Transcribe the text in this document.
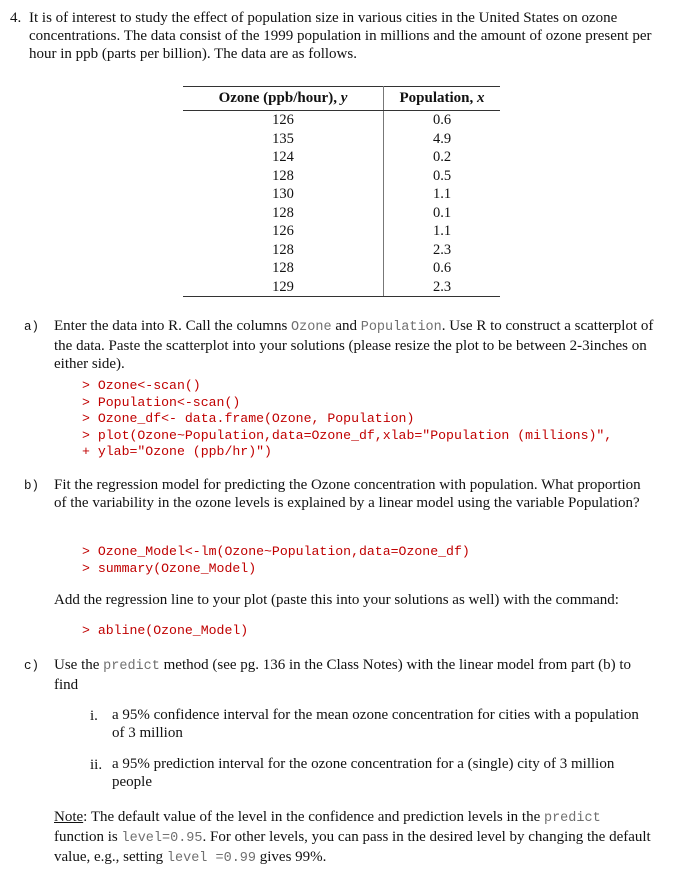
4. It is of interest to study the effect of population size in various cities in the United States on ozone concentrations. The data consist of the 1999 population in millions and the amount of ozone present per hour in ppb (parts per billion). The data are as follows.
Ozone (ppb/hour), y	Population, x
126	0.6
135	4.9
124	0.2
128	0.5
130	1.1
128	0.1
126	1.1
128	2.3
128	0.6
129	2.3
a) Enter the data into R. Call the columns Ozone and Population. Use R to construct a scatterplot of the data. Paste the scatterplot into your solutions (please resize the plot to be between 2-3inches on either side).
> Ozone<-scan()
> Population<-scan()
> Ozone_df<- data.frame(Ozone, Population)
> plot(Ozone~Population,data=Ozone_df,xlab="Population (millions)",
+ ylab="Ozone (ppb/hr)")
b) Fit the regression model for predicting the Ozone concentration with population. What proportion of the variability in the ozone levels is explained by a linear model using the variable Population?
> Ozone_Model<-lm(Ozone~Population,data=Ozone_df)
> summary(Ozone_Model)
Add the regression line to your plot (paste this into your solutions as well) with the command:
> abline(Ozone_Model)
c) Use the predict method (see pg. 136 in the Class Notes) with the linear model from part (b) to find
i. a 95% confidence interval for the mean ozone concentration for cities with a population of 3 million
ii. a 95% prediction interval for the ozone concentration for a (single) city of 3 million people
Note: The default value of the level in the confidence and prediction levels in the predict function is level=0.95. For other levels, you can pass in the desired level by changing the default value, e.g., setting level =0.99 gives 99%.
